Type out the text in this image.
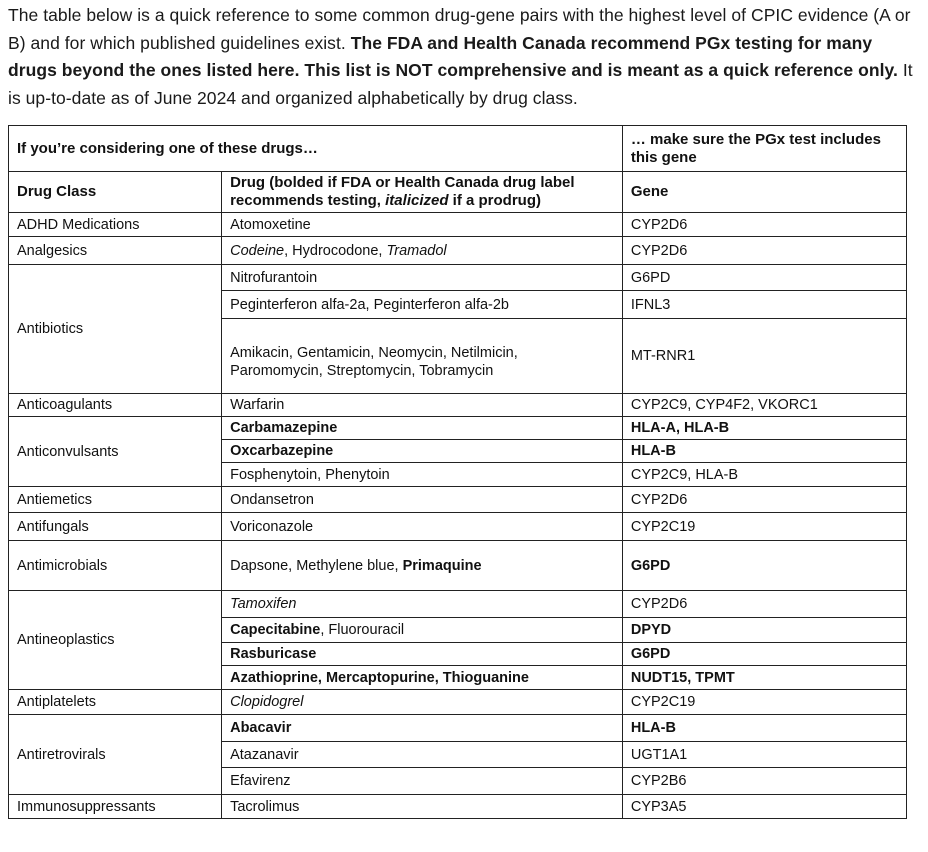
The table below is a quick reference to some common drug-gene pairs with the highest level of CPIC evidence (A or B) and for which published guidelines exist. The FDA and Health Canada recommend PGx testing for many drugs beyond the ones listed here. This list is NOT comprehensive and is meant as a quick reference only. It is up-to-date as of June 2024 and organized alphabetically by drug class.
If you’re considering one of these drugs…		… make sure the PGx test includes this gene
Drug Class	Drug (bolded if FDA or Health Canada drug label recommends testing, italicized if a prodrug)	Gene
ADHD Medications	Atomoxetine	CYP2D6
Analgesics	Codeine, Hydrocodone, Tramadol	CYP2D6
Antibiotics	Nitrofurantoin	G6PD
	Peginterferon alfa-2a, Peginterferon alfa-2b	IFNL3
	Amikacin, Gentamicin, Neomycin, Netilmicin, Paromomycin, Streptomycin, Tobramycin	MT-RNR1
Anticoagulants	Warfarin	CYP2C9, CYP4F2, VKORC1
Anticonvulsants	Carbamazepine	HLA-A, HLA-B
	Oxcarbazepine	HLA-B
	Fosphenytoin, Phenytoin	CYP2C9, HLA-B
Antiemetics	Ondansetron	CYP2D6
Antifungals	Voriconazole	CYP2C19
Antimicrobials	Dapsone, Methylene blue, Primaquine	G6PD
Antineoplastics	Tamoxifen	CYP2D6
	Capecitabine, Fluorouracil	DPYD
	Rasburicase	G6PD
	Azathioprine, Mercaptopurine, Thioguanine	NUDT15, TPMT
Antiplatelets	Clopidogrel	CYP2C19
Antiretrovirals	Abacavir	HLA-B
	Atazanavir	UGT1A1
	Efavirenz	CYP2B6
Immunosuppressants	Tacrolimus	CYP3A5
